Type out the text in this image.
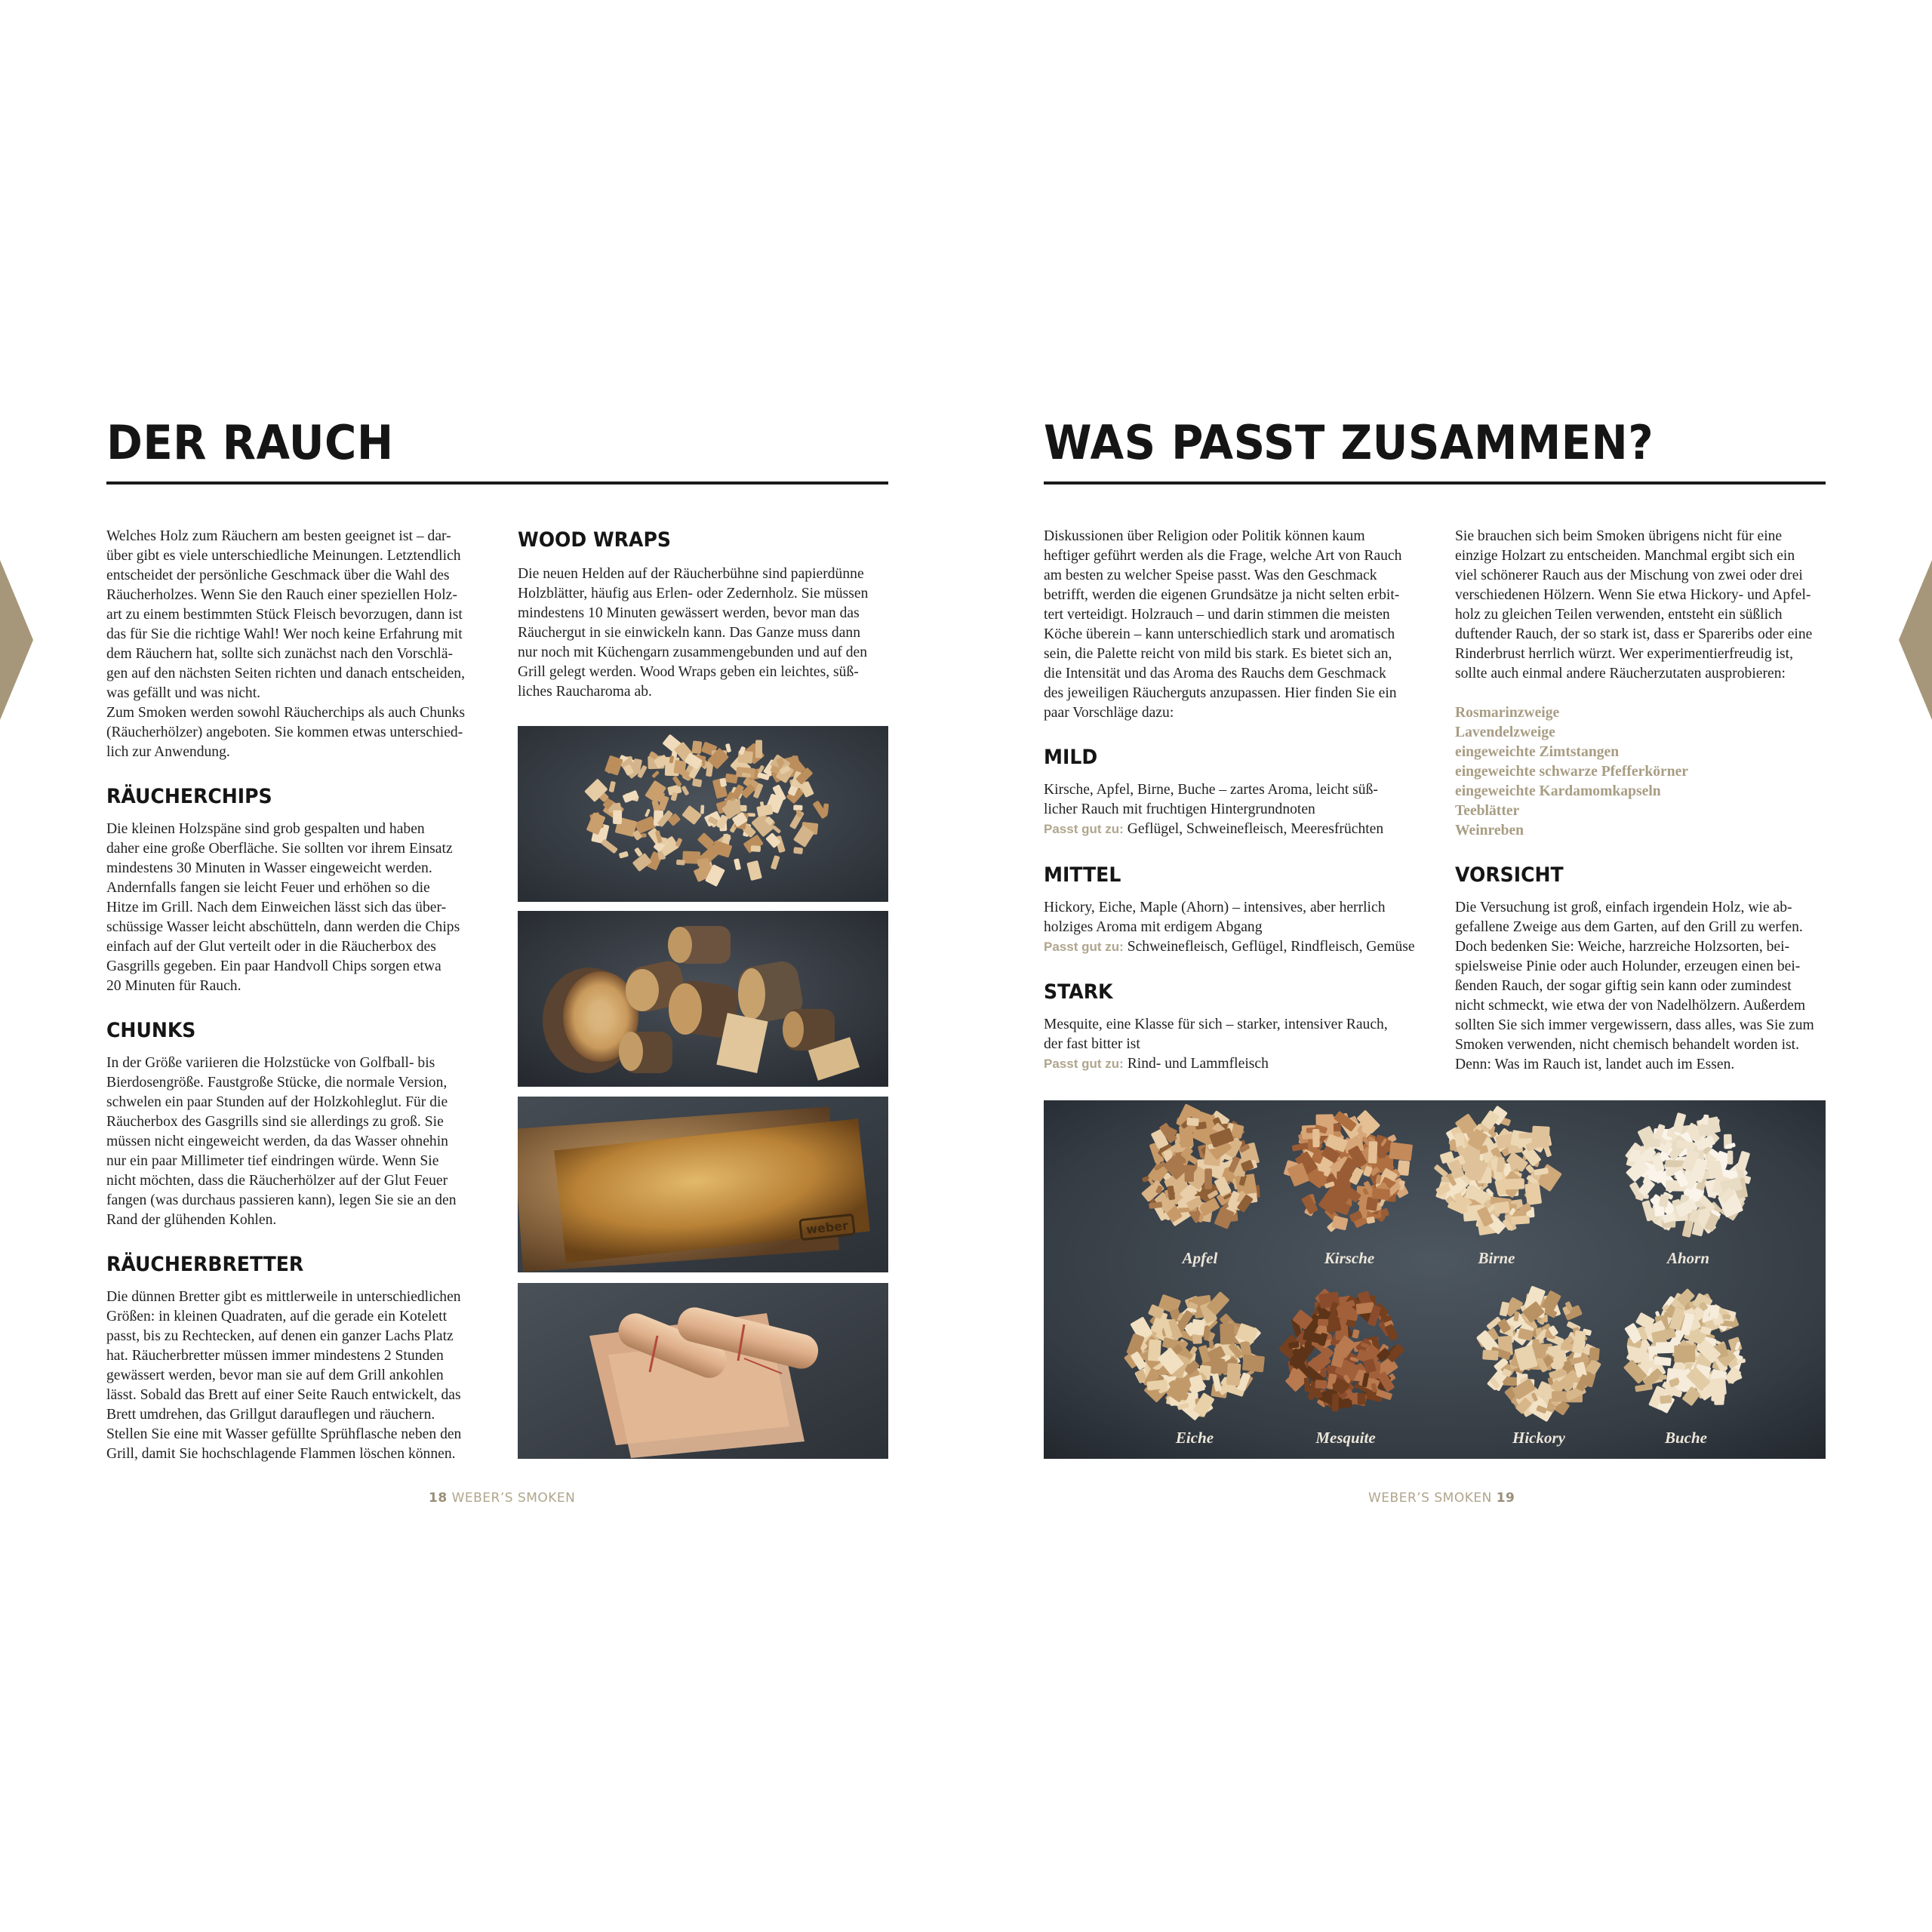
DER RAUCH
Welches Holz zum Räuchern am besten geeignet ist – dar-
über gibt es viele unterschiedliche Meinungen. Letztendlich
entscheidet der persönliche Geschmack über die Wahl des
Räucherholzes. Wenn Sie den Rauch einer speziellen Holz-
art zu einem bestimmten Stück Fleisch bevorzugen, dann ist
das für Sie die richtige Wahl! Wer noch keine Erfahrung mit
dem Räuchern hat, sollte sich zunächst nach den Vorschlä-
gen auf den nächsten Seiten richten und danach entscheiden,
was gefällt und was nicht.
Zum Smoken werden sowohl Räucherchips als auch Chunks
(Räucherhölzer) angeboten. Sie kommen etwas unterschied-
lich zur Anwendung.
RÄUCHERCHIPS
Die kleinen Holzspäne sind grob gespalten und haben
daher eine große Oberfläche. Sie sollten vor ihrem Einsatz
mindestens 30 Minuten in Wasser eingeweicht werden.
Andernfalls fangen sie leicht Feuer und erhöhen so die
Hitze im Grill. Nach dem Einweichen lässt sich das über-
schüssige Wasser leicht abschütteln, dann werden die Chips
einfach auf der Glut verteilt oder in die Räucherbox des
Gasgrills gegeben. Ein paar Handvoll Chips sorgen etwa
20 Minuten für Rauch.
CHUNKS
In der Größe variieren die Holzstücke von Golfball- bis
Bierdosengröße. Faustgroße Stücke, die normale Version,
schwelen ein paar Stunden auf der Holzkohleglut. Für die
Räucherbox des Gasgrills sind sie allerdings zu groß. Sie
müssen nicht eingeweicht werden, da das Wasser ohnehin
nur ein paar Millimeter tief eindringen würde. Wenn Sie
nicht möchten, dass die Räucherhölzer auf der Glut Feuer
fangen (was durchaus passieren kann), legen Sie sie an den
Rand der glühenden Kohlen.
RÄUCHERBRETTER
Die dünnen Bretter gibt es mittlerweile in unterschiedlichen
Größen: in kleinen Quadraten, auf die gerade ein Kotelett
passt, bis zu Rechtecken, auf denen ein ganzer Lachs Platz
hat. Räucherbretter müssen immer mindestens 2 Stunden
gewässert werden, bevor man sie auf dem Grill ankohlen
lässt. Sobald das Brett auf einer Seite Rauch entwickelt, das
Brett umdrehen, das Grillgut darauflegen und räuchern.
Stellen Sie eine mit Wasser gefüllte Sprühflasche neben den
Grill, damit Sie hochschlagende Flammen löschen können.
WOOD WRAPS
Die neuen Helden auf der Räucherbühne sind papierdünne
Holzblätter, häufig aus Erlen- oder Zedernholz. Sie müssen
mindestens 10 Minuten gewässert werden, bevor man das
Räuchergut in sie einwickeln kann. Das Ganze muss dann
nur noch mit Küchengarn zusammengebunden und auf den
Grill gelegt werden. Wood Wraps geben ein leichtes, süß-
liches Raucharoma ab.
weber
18 WEBER’S SMOKEN
WAS PASST ZUSAMMEN?
Diskussionen über Religion oder Politik können kaum
heftiger geführt werden als die Frage, welche Art von Rauch
am besten zu welcher Speise passt. Was den Geschmack
betrifft, werden die eigenen Grundsätze ja nicht selten erbit-
tert verteidigt. Holzrauch – und darin stimmen die meisten
Köche überein – kann unterschiedlich stark und aromatisch
sein, die Palette reicht von mild bis stark. Es bietet sich an,
die Intensität und das Aroma des Rauchs dem Geschmack
des jeweiligen Räucherguts anzupassen. Hier finden Sie ein
paar Vorschläge dazu:
MILD
Kirsche, Apfel, Birne, Buche – zartes Aroma, leicht süß-
licher Rauch mit fruchtigen Hintergrundnoten
Passt gut zu: Geflügel, Schweinefleisch, Meeresfrüchten
MITTEL
Hickory, Eiche, Maple (Ahorn) – intensives, aber herrlich
holziges Aroma mit erdigem Abgang
Passt gut zu: Schweinefleisch, Geflügel, Rindfleisch, Gemüse
STARK
Mesquite, eine Klasse für sich – starker, intensiver Rauch,
der fast bitter ist
Passt gut zu: Rind- und Lammfleisch
Sie brauchen sich beim Smoken übrigens nicht für eine
einzige Holzart zu entscheiden. Manchmal ergibt sich ein
viel schönerer Rauch aus der Mischung von zwei oder drei
verschiedenen Hölzern. Wenn Sie etwa Hickory- und Apfel-
holz zu gleichen Teilen verwenden, entsteht ein süßlich
duftender Rauch, der so stark ist, dass er Spareribs oder eine
Rinderbrust herrlich würzt. Wer experimentierfreudig ist,
sollte auch einmal andere Räucherzutaten ausprobieren:
Rosmarinzweige
Lavendelzweige
eingeweichte Zimtstangen
eingeweichte schwarze Pfefferkörner
eingeweichte Kardamomkapseln
Teeblätter
Weinreben
VORSICHT
Die Versuchung ist groß, einfach irgendein Holz, wie ab-
gefallene Zweige aus dem Garten, auf den Grill zu werfen.
Doch bedenken Sie: Weiche, harzreiche Holzsorten, bei-
spielsweise Pinie oder auch Holunder, erzeugen einen bei-
ßenden Rauch, der sogar giftig sein kann oder zumindest
nicht schmeckt, wie etwa der von Nadelhölzern. Außerdem
sollten Sie sich immer vergewissern, dass alles, was Sie zum
Smoken verwenden, nicht chemisch behandelt worden ist.
Denn: Was im Rauch ist, landet auch im Essen.
Apfel	Kirsche	Birne	Ahorn
Eiche	Mesquite	Hickory	Buche
WEBER’S SMOKEN 19
